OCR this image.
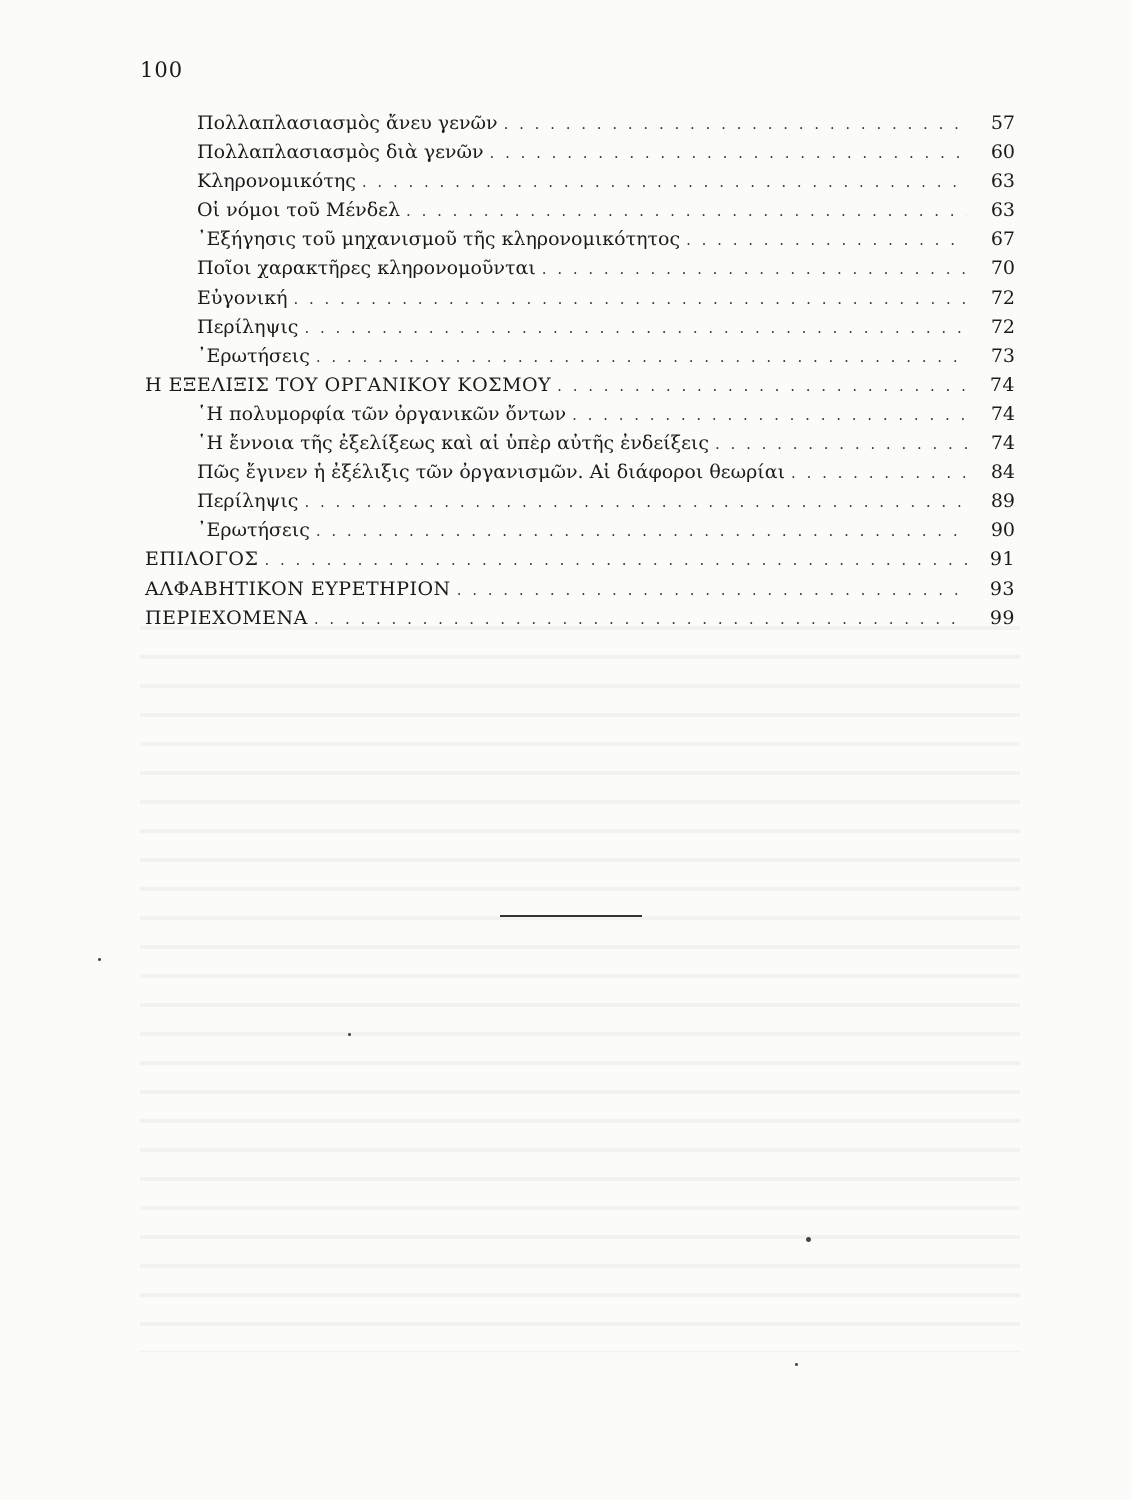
100
Πολλαπλασιασμὸς ἄνευ γενῶν . . .	57
Πολλαπλασιασμὸς διὰ γενῶν . . .	60
Κληρονομικότης . . .	63
Οἱ νόμοι τοῦ Μένδελ . . .	63
᾿Εξήγησις τοῦ μηχανισμοῦ τῆς κληρονομικότητος . . .	67
Ποῖοι χαρακτῆρες κληρονομοῦνται . . .	70
Εὐγονική . . .	72
Περίληψις . . .	72
᾿Ερωτήσεις . . .	73
Η ΕΞΕΛΙΞΙΣ ΤΟΥ ΟΡΓΑΝΙΚΟΥ ΚΟΣΜΟΥ . . .	74
῾Η πολυμορφία τῶν ὀργανικῶν ὄντων . . .	74
῾Η ἔννοια τῆς ἐξελίξεως καὶ αἱ ὑπὲρ αὐτῆς ἐνδείξεις . . .	74
Πῶς ἔγινεν ἡ ἐξέλιξις τῶν ὀργανισμῶν. Αἱ διάφοροι θεωρίαι . . .	84
Περίληψις . . .	89
᾿Ερωτήσεις . . .	90
ΕΠΙΛΟΓΟΣ . . .	91
ΑΛΦΑΒΗΤΙΚΟΝ ΕΥΡΕΤΗΡΙΟΝ . . .	93
ΠΕΡΙΕΧΟΜΕΝΑ . . .	99
